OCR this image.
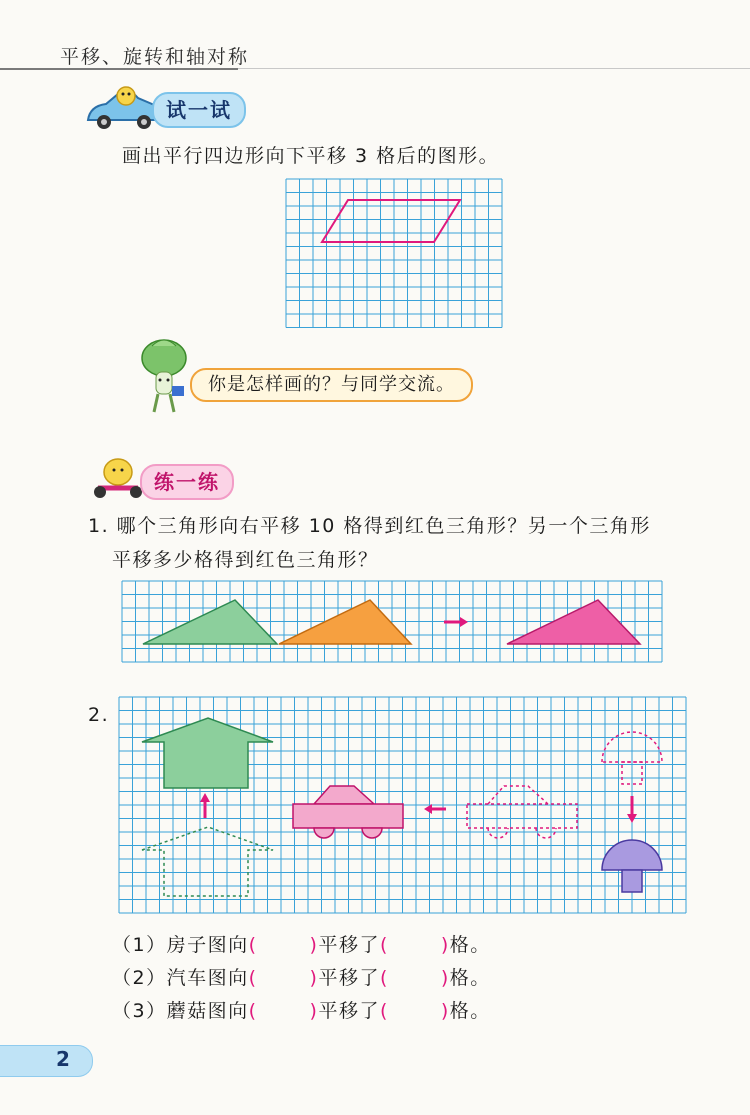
平移、旋转和轴对称
试一试
画出平行四边形向下平移 3 格后的图形。
你是怎样画的？与同学交流。
练一练
1. 哪个三角形向右平移 10 格得到红色三角形？另一个三角形
平移多少格得到红色三角形？
2.
（1）房子图向(	)平移了(	)格。
（2）汽车图向(	)平移了(	)格。
（3）蘑菇图向(	)平移了(	)格。
2
